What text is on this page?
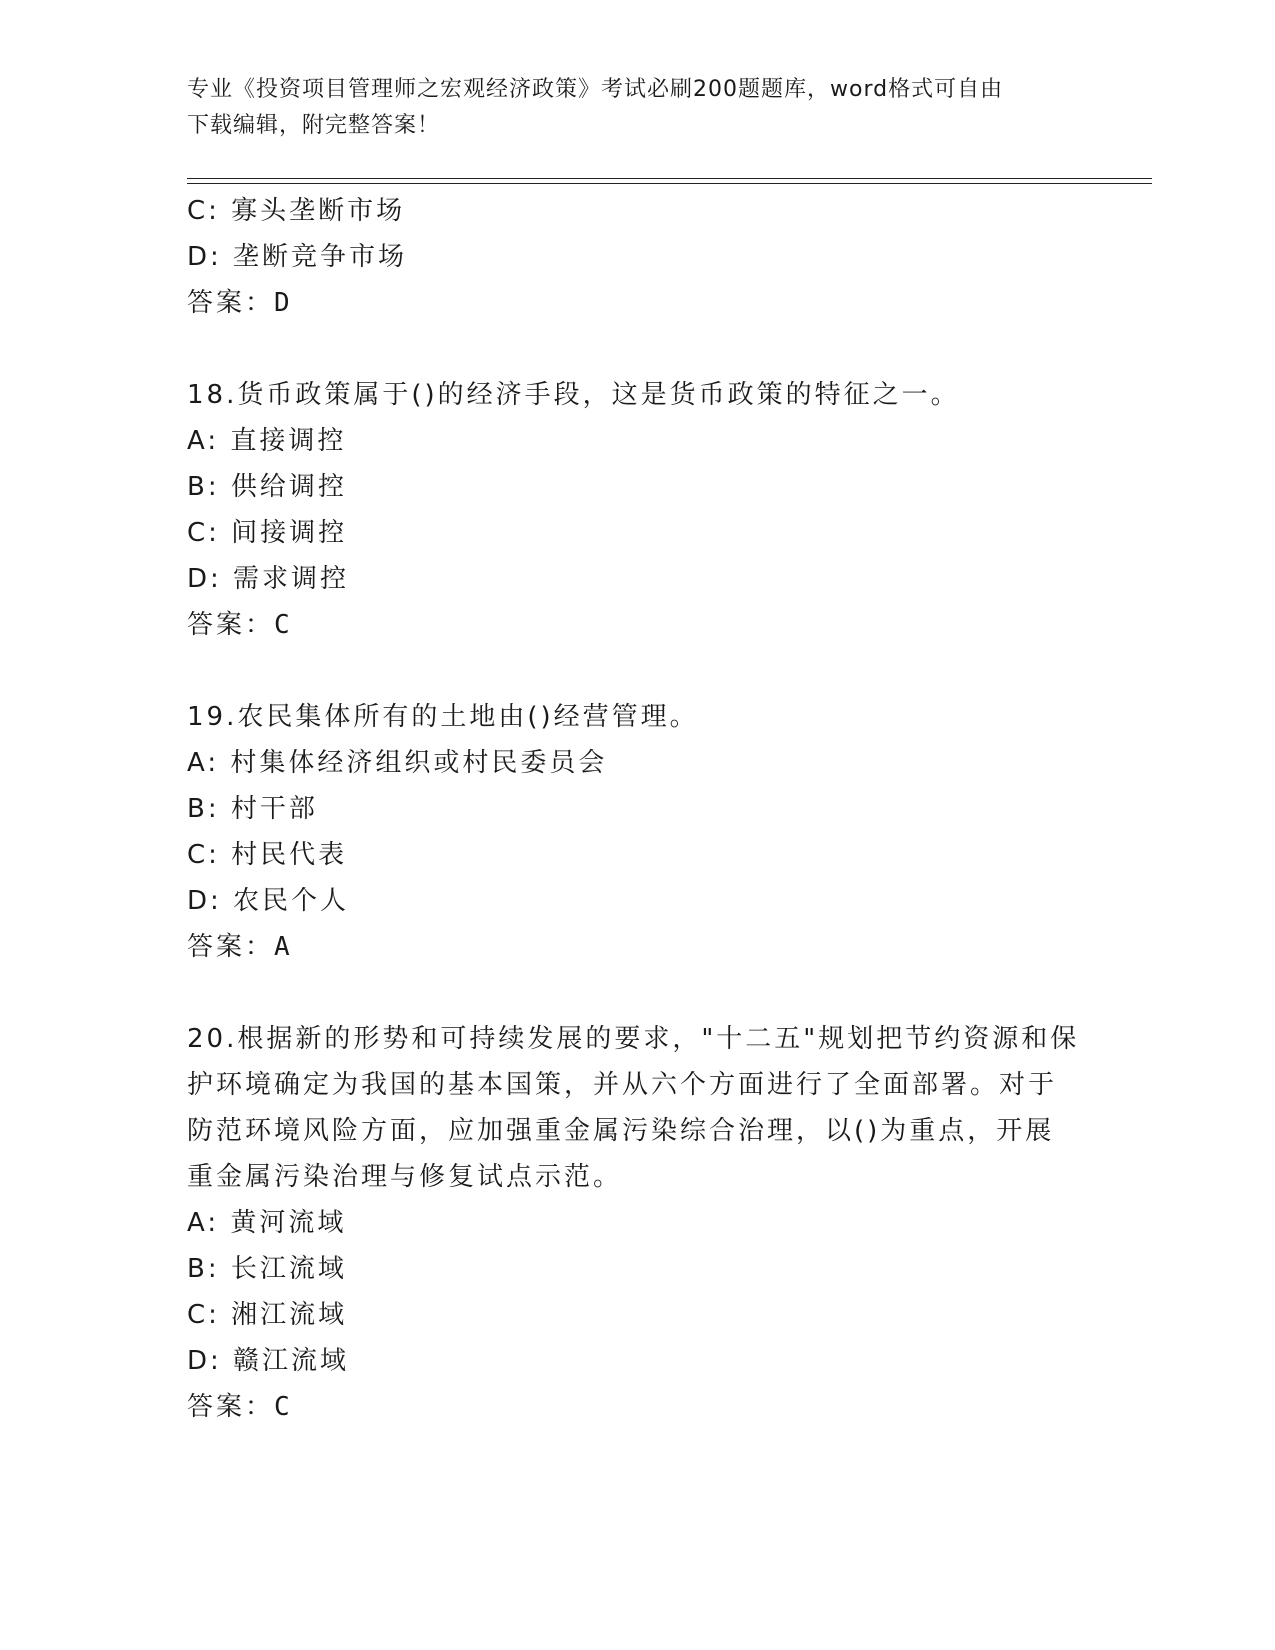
专业《投资项目管理师之宏观经济政策》考试必刷200题题库，word格式可自由
下载编辑，附完整答案！
C: 寡头垄断市场
D: 垄断竞争市场
答案：D
18.货币政策属于()的经济手段，这是货币政策的特征之一。
A: 直接调控
B: 供给调控
C: 间接调控
D: 需求调控
答案：C
19.农民集体所有的土地由()经营管理。
A: 村集体经济组织或村民委员会
B: 村干部
C: 村民代表
D: 农民个人
答案：A
20.根据新的形势和可持续发展的要求，"十二五"规划把节约资源和保
护环境确定为我国的基本国策，并从六个方面进行了全面部署。对于
防范环境风险方面，应加强重金属污染综合治理，以()为重点，开展
重金属污染治理与修复试点示范。
A: 黄河流域
B: 长江流域
C: 湘江流域
D: 赣江流域
答案：C
